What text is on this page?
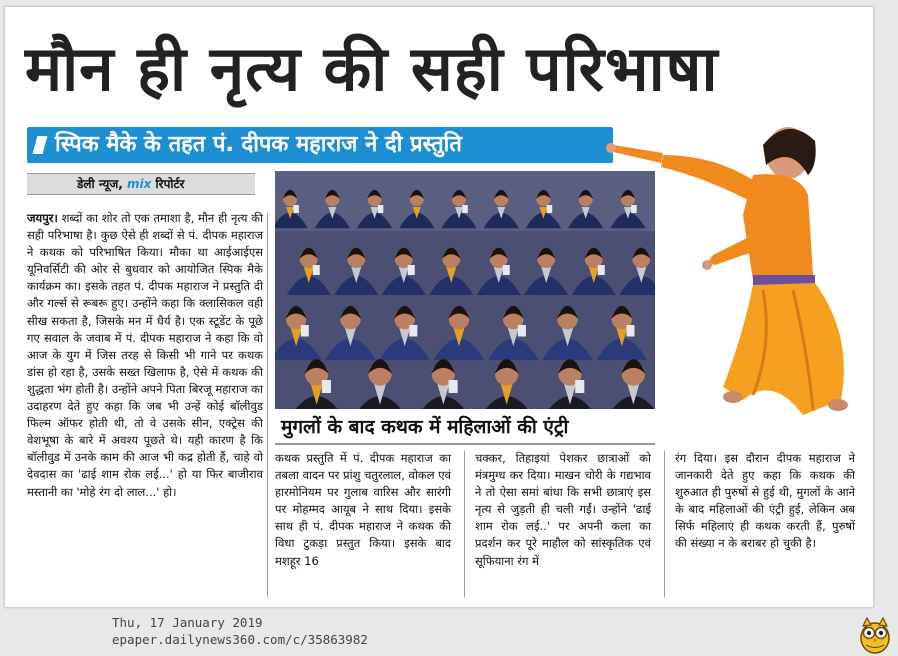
मौन ही नृत्य की सही परिभाषा
स्पिक मैके के तहत पं. दीपक महाराज ने दी प्रस्तुति
डेली न्यूज, mix रिपोर्टर
जयपुर। शब्दों का शोर तो एक तमाशा है, मौन ही नृत्य की सही परिभाषा है। कुछ ऐसे ही शब्दों से पं. दीपक महाराज ने कथक को परिभाषित किया। मौका था आईआईएस यूनिवर्सिटी की ओर से बुधवार को आयोजित स्पिक मैके कार्यक्रम का। इसके तहत पं. दीपक महाराज ने प्रस्तुति दी और गर्ल्स से रूबरू हुए। उन्होंने कहा कि क्लासिकल वही सीख सकता है, जिसके मन में धैर्य है। एक स्टूडेंट के पूछे गए सवाल के जवाब में पं. दीपक महाराज ने कहा कि वो आज के युग में जिस तरह से किसी भी गाने पर कथक डांस हो रहा है, उसके सख्त खिलाफ है, ऐसे में कथक की शुद्धता भंग होती है। उन्होंने अपने पिता बिरजू महाराज का उदाहरण देते हुए कहा कि जब भी उन्हें कोई बॉलीवुड फिल्म ऑफर होती थी, तो वे उसके सीन, एक्ट्रेस की वेशभूषा के बारे में अवश्य पूछते थे। यही कारण है कि बॉलीवुड में उनके काम की आज भी कद्र होती हैं, चाहे वो देवदास का 'ढाई शाम रोक लई...' हो या फिर बाजीराव मस्तानी का 'मोहे रंग दो लाल...' हो।
मुगलों के बाद कथक में महिलाओं की एंट्री
कथक प्रस्तुति में पं. दीपक महाराज का तबला वादन पर प्रांशु चतुरलाल, वोकल एवं हारमोनियम पर गुलाब वारिस और सारंगी पर मोहम्मद आयूब ने साथ दिया। इसके साथ ही पं. दीपक महाराज ने कथक की विधा टुकड़ा प्रस्तुत किया। इसके बाद मशहूर 16
चक्कर, तिहाइयां पेशकर छात्राओं को मंत्रमुग्ध कर दिया। माखन चोरी के गद्यभाव ने तो ऐसा समां बांधा कि सभी छात्राएं इस नृत्य से जुड़ती ही चली गईं। उन्होंने 'ढाई शाम रोक लई..' पर अपनी कला का प्रदर्शन कर पूरे माहौल को सांस्कृतिक एवं सूफियाना रंग में
रंग दिया। इस दौरान दीपक महाराज ने जानकारी देते हुए कहा कि कथक की शुरुआत ही पुरुषों से हुई थी, मुगलों के आने के बाद महिलाओं की एंट्री हुई, लेकिन अब सिर्फ महिलाएं ही कथक करती हैं, पुरुषों की संख्या न के बराबर हो चुकी है।
Thu, 17 January 2019
epaper.dailynews360.com/c/35863982
